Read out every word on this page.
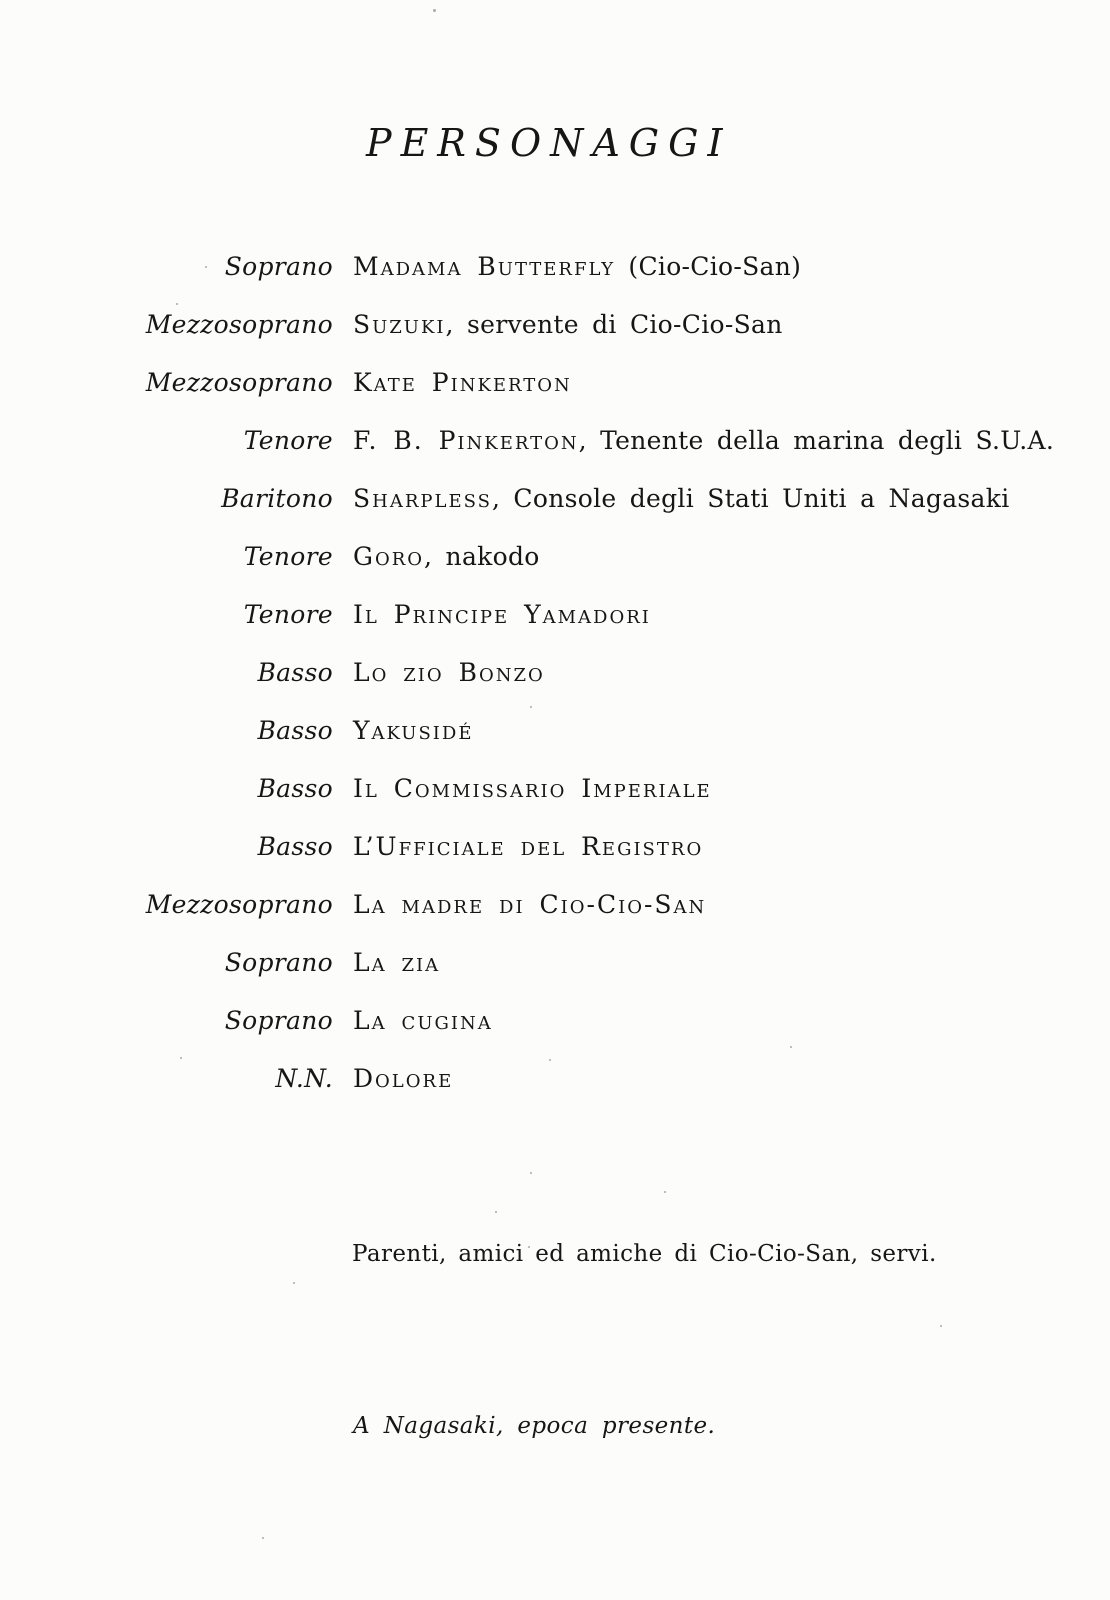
PERSONAGGI
Soprano Madama Butterfly (Cio-Cio-San)
Mezzosoprano Suzuki, servente di Cio-Cio-San
Mezzosoprano Kate Pinkerton
Tenore F. B. Pinkerton, Tenente della marina degli S.U.A.
Baritono Sharpless, Console degli Stati Uniti a Nagasaki
Tenore Goro, nakodo
Tenore Il Principe Yamadori
Basso Lo zio Bonzo
Basso Yakusidé
Basso Il Commissario Imperiale
Basso L’Ufficiale del Registro
Mezzosoprano La madre di Cio-Cio-San
Soprano La zia
Soprano La cugina
N.N. Dolore

Parenti, amici ed amiche di Cio-Cio-San, servi.

A Nagasaki, epoca presente.
